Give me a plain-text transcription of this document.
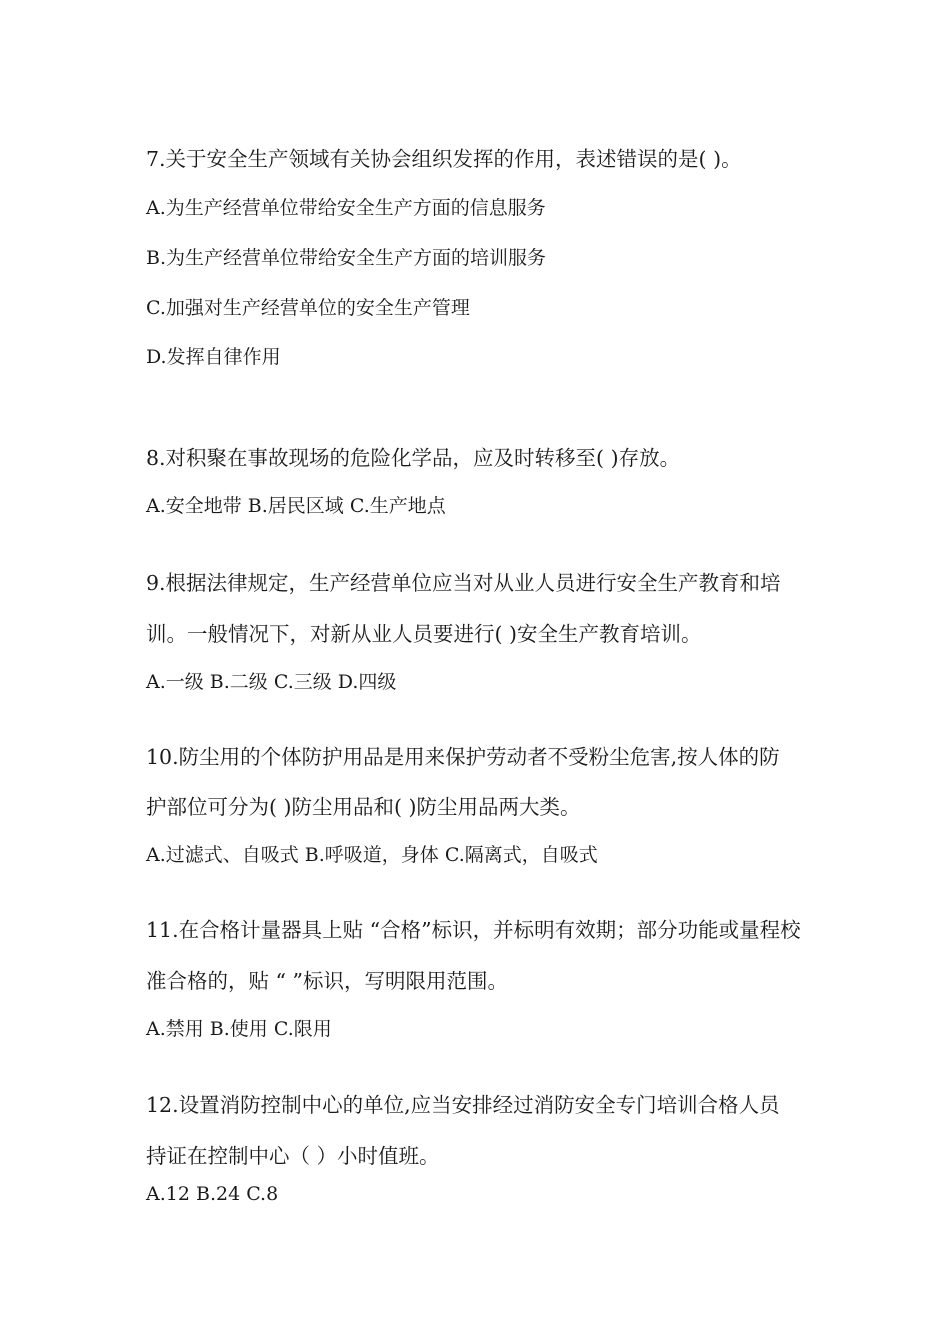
7.关于安全生产领域有关协会组织发挥的作用，表述错误的是( )。

A.为生产经营单位带给安全生产方面的信息服务

B.为生产经营单位带给安全生产方面的培训服务

C.加强对生产经营单位的安全生产管理

D.发挥自律作用

8.对积聚在事故现场的危险化学品，应及时转移至( )存放。

A.安全地带 B.居民区域 C.生产地点

9.根据法律规定，生产经营单位应当对从业人员进行安全生产教育和培

训。一般情况下，对新从业人员要进行( )安全生产教育培训。

A.一级 B.二级 C.三级 D.四级

10.防尘用的个体防护用品是用来保护劳动者不受粉尘危害,按人体的防

护部位可分为( )防尘用品和( )防尘用品两大类。

A.过滤式、自吸式 B.呼吸道，身体 C.隔离式，自吸式

11.在合格计量器具上贴 “合格”标识，并标明有效期；部分功能或量程校

准合格的，贴 “ ”标识，写明限用范围。

A.禁用 B.使用 C.限用

12.设置消防控制中心的单位,应当安排经过消防安全专门培训合格人员

持证在控制中心（ ）小时值班。

A.12 B.24 C.8
